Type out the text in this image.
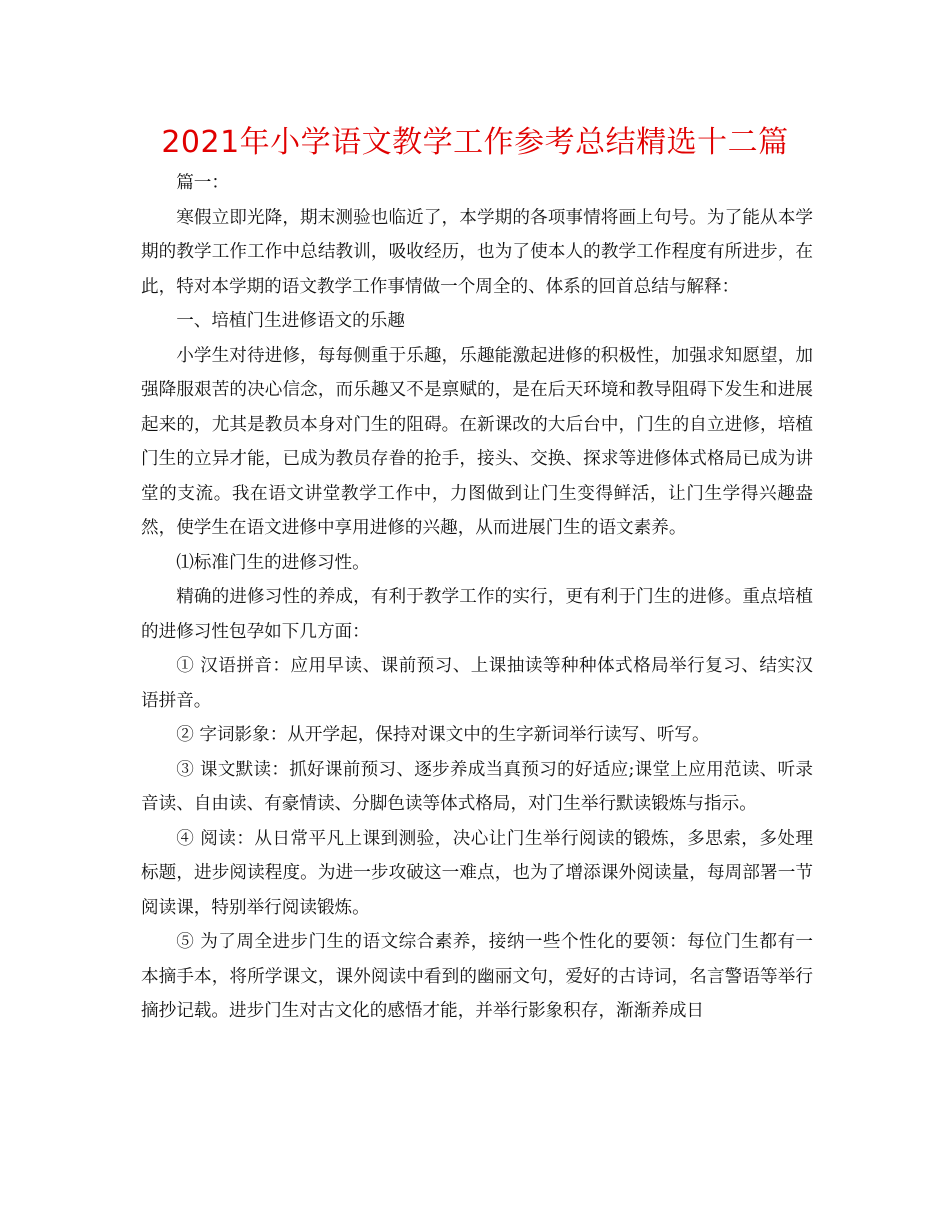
2021年小学语文教学工作参考总结精选十二篇

篇一：

寒假立即光降，期末测验也临近了，本学期的各项事情将画上句号。为了能从本学期的教学工作工作中总结教训，吸收经历，也为了使本人的教学工作程度有所进步，在此，特对本学期的语文教学工作事情做一个周全的、体系的回首总结与解释：

一、培植门生进修语文的乐趣

小学生对待进修，每每侧重于乐趣，乐趣能激起进修的积极性，加强求知愿望，加强降服艰苦的决心信念，而乐趣又不是禀赋的，是在后天环境和教导阻碍下发生和进展起来的，尤其是教员本身对门生的阻碍。在新课改的大后台中，门生的自立进修，培植门生的立异才能，已成为教员存眷的抢手，接头、交换、探求等进修体式格局已成为讲堂的支流。我在语文讲堂教学工作中，力图做到让门生变得鲜活，让门生学得兴趣盎然，使学生在语文进修中享用进修的兴趣，从而进展门生的语文素养。

⑴标准门生的进修习性。

精确的进修习性的养成，有利于教学工作的实行，更有利于门生的进修。重点培植的进修习性包孕如下几方面：

① 汉语拼音：应用早读、课前预习、上课抽读等种种体式格局举行复习、结实汉语拼音。

② 字词影象：从开学起，保持对课文中的生字新词举行读写、听写。

③ 课文默读：抓好课前预习、逐步养成当真预习的好适应;课堂上应用范读、听录音读、自由读、有豪情读、分脚色读等体式格局，对门生举行默读锻炼与指示。

④ 阅读：从日常平凡上课到测验，决心让门生举行阅读的锻炼，多思索，多处理标题，进步阅读程度。为进一步攻破这一难点，也为了增添课外阅读量，每周部署一节阅读课，特别举行阅读锻炼。

⑤ 为了周全进步门生的语文综合素养，接纳一些个性化的要领：每位门生都有一本摘手本，将所学课文，课外阅读中看到的幽丽文句，爱好的古诗词，名言警语等举行摘抄记载。进步门生对古文化的感悟才能，并举行影象积存，渐渐养成日
